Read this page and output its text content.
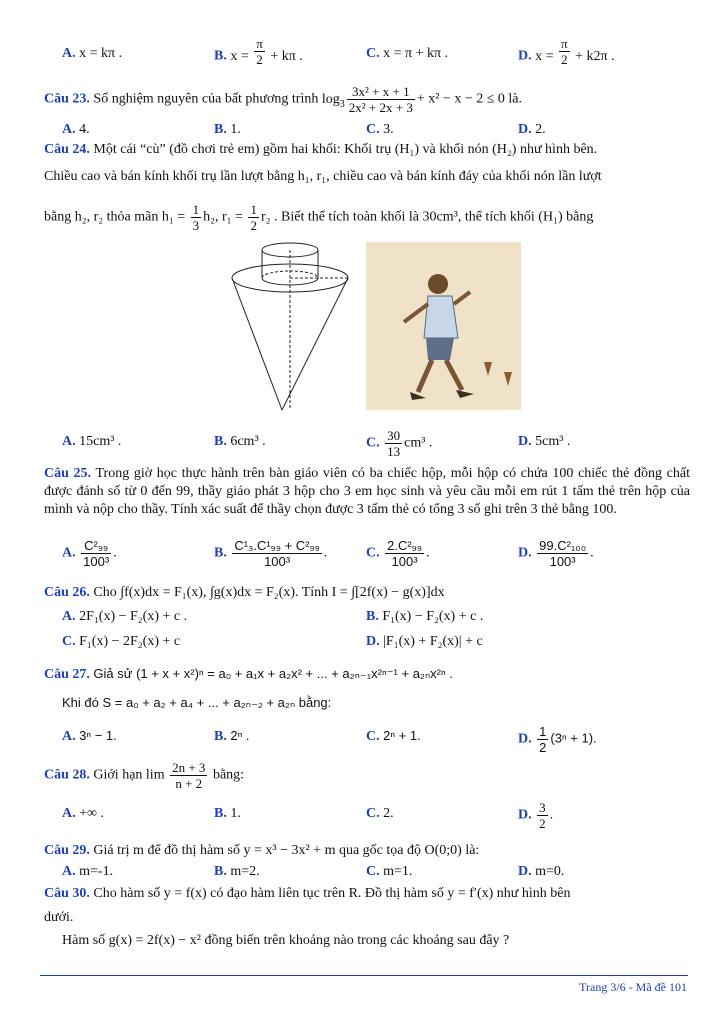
A. x = kπ .	B. $x = \frac{\pi}{2} + k\pi$ .	C. x = π + kπ .	D. $x = \frac{\pi}{2} + k2\pi$ .
Câu 23. Số nghiệm nguyên của bất phương trình $\log_3 \frac{\text{3x² + x + 1}}{\text{2x² + 2x + 3}} + x^2 - x - 2 \le 0$ là.
A. 4.	B. 1.	C. 3.	D. 2.
Câu 24. Một cái “cù” (đồ chơi trẻ em) gồm hai khối: Khối trụ (H₁) và khối nón (H₂) như hình bên.
Chiều cao và bán kính khối trụ lần lượt bằng h₁, r₁, chiều cao và bán kính đáy của khối nón lần lượt
bằng h₂, r₂ thỏa mãn $h_1 = \frac{1}{3} h_2$, $r_1 = \frac{1}{2} r_2$ . Biết thể tích toàn khối là 30cm³, thể tích khối (H₁) bằng
A. 15cm³ .	B. 6cm³ .	C. $\frac{30}{13} cm^3$ .	D. 5cm³ .
Câu 25. Trong giờ học thực hành trên bàn giáo viên có ba chiếc hộp, mỗi hộp có chứa 100 chiếc thẻ đồng chất được đánh số từ 0 đến 99, thầy giáo phát 3 hộp cho 3 em học sinh và yêu cầu mỗi em rút 1 tấm thẻ trên hộp của mình và nộp cho thầy. Tính xác suất để thầy chọn được 3 tấm thẻ có tổng 3 số ghi trên 3 thẻ bằng 100.
A. $\frac{\text{C²₉₉}}{\text{100³}}$ .	B. $\frac{\text{C¹₃.C¹₉₉ + C²₉₉}}{\text{100³}}$ .	C. $\frac{\text{2.C²₉₉}}{\text{100³}}$ .	D. $\frac{\text{99.C²₁₀₀}}{\text{100³}}$ .
Câu 26. Cho ∫f(x)dx = F₁(x), ∫g(x)dx = F₂(x). Tính I = ∫[2f(x) − g(x)]dx
A. 2F₁(x) − F₂(x) + c .	B. F₁(x) − F₂(x) + c .
C. F₁(x) − 2F₂(x) + c	D. |F₁(x) + F₂(x)| + c
Câu 27. Giả sử (1 + x + x²)ⁿ = a₀ + a₁x + a₂x² + ... + a₂ₙ₋₁x²ⁿ⁻¹ + a₂ₙx²ⁿ .
Khi đó S = a₀ + a₂ + a₄ + ... + a₂ₙ₋₂ + a₂ₙ bằng:
A. 3ⁿ − 1.	B. 2ⁿ .	C. 2ⁿ + 1.	D. $\frac{1}{2} (3^n + 1)$.
Câu 28. Giới hạn $\lim \frac{2n + 3}{n + 2}$ bằng:
A. +∞ .	B. 1.	C. 2.	D. $\frac{3}{2}$ .
Câu 29. Giá trị m để đồ thị hàm số y = x³ − 3x² + m qua gốc tọa độ O(0;0) là:
A. m=-1.	B. m=2.	C. m=1.	D. m=0.
Câu 30. Cho hàm số y = f(x) có đạo hàm liên tục trên R. Đồ thị hàm số y = f′(x) như hình bên
dưới.
Hàm số g(x) = 2f(x) − x² đồng biến trên khoảng nào trong các khoảng sau đây ?
Trang 3/6 - Mã đề 101
